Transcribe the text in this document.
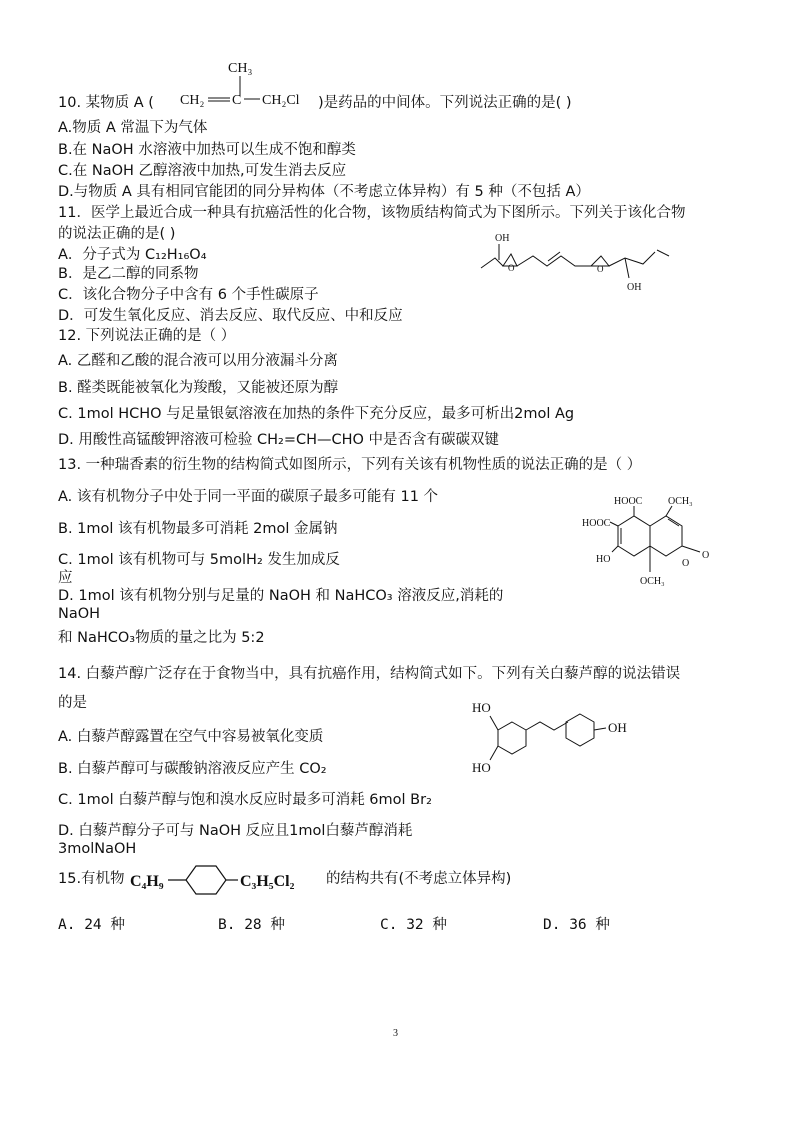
10. 某物质 A (
CH₃
CH₂ C CH₂Cl )是药品的中间体。下列说法正确的是( )
A.物质 A 常温下为气体
B.在 NaOH 水溶液中加热可以生成不饱和醇类
C.在 NaOH 乙醇溶液中加热,可发生消去反应
D.与物质 A 具有相同官能团的同分异构体（不考虑立体异构）有 5 种（不包括 A）
11．医学上最近合成一种具有抗癌活性的化合物，该物质结构简式为下图所示。下列关于该化合物
的说法正确的是( )
A．分子式为 C₁₂H₁₆O₄
B．是乙二醇的同系物
C．该化合物分子中含有 6 个手性碳原子
D．可发生氧化反应、消去反应、取代反应、中和反应
OH
O	O
OH
12. 下列说法正确的是（ ）
A. 乙醛和乙酸的混合液可以用分液漏斗分离
B. 醛类既能被氧化为羧酸，又能被还原为醇
C. 1mol HCHO 与足量银氨溶液在加热的条件下充分反应，最多可析出2mol Ag
D. 用酸性高锰酸钾溶液可检验 CH₂=CH—CHO 中是否含有碳碳双键
13. 一种瑞香素的衍生物的结构简式如图所示，下列有关该有机物性质的说法正确的是（ ）
A. 该有机物分子中处于同一平面的碳原子最多可能有 11 个
B. 1mol 该有机物最多可消耗 2mol 金属钠
C. 1mol 该有机物可与 5molH₂ 发生加成反
应
D. 1mol 该有机物分别与足量的 NaOH 和 NaHCO₃ 溶液反应,消耗的
NaOH
和 NaHCO₃物质的量之比为 5:2
HOOC	OCH₃
HOOC
HO
OCH₃
O
O
14. 白藜芦醇广泛存在于食物当中，具有抗癌作用，结构简式如下。下列有关白藜芦醇的说法错误
的是
A. 白藜芦醇露置在空气中容易被氧化变质
B. 白藜芦醇可与碳酸钠溶液反应产生 CO₂
C. 1mol 白藜芦醇与饱和溴水反应时最多可消耗 6mol Br₂
D. 白藜芦醇分子可与 NaOH 反应且1mol白藜芦醇消耗
3molNaOH
HO
HO
OH
15.有机物 C₄H₉	C₃H₅Cl₂ 的结构共有(不考虑立体异构)
A. 24 种	B. 28 种	C. 32 种	D. 36 种
3
